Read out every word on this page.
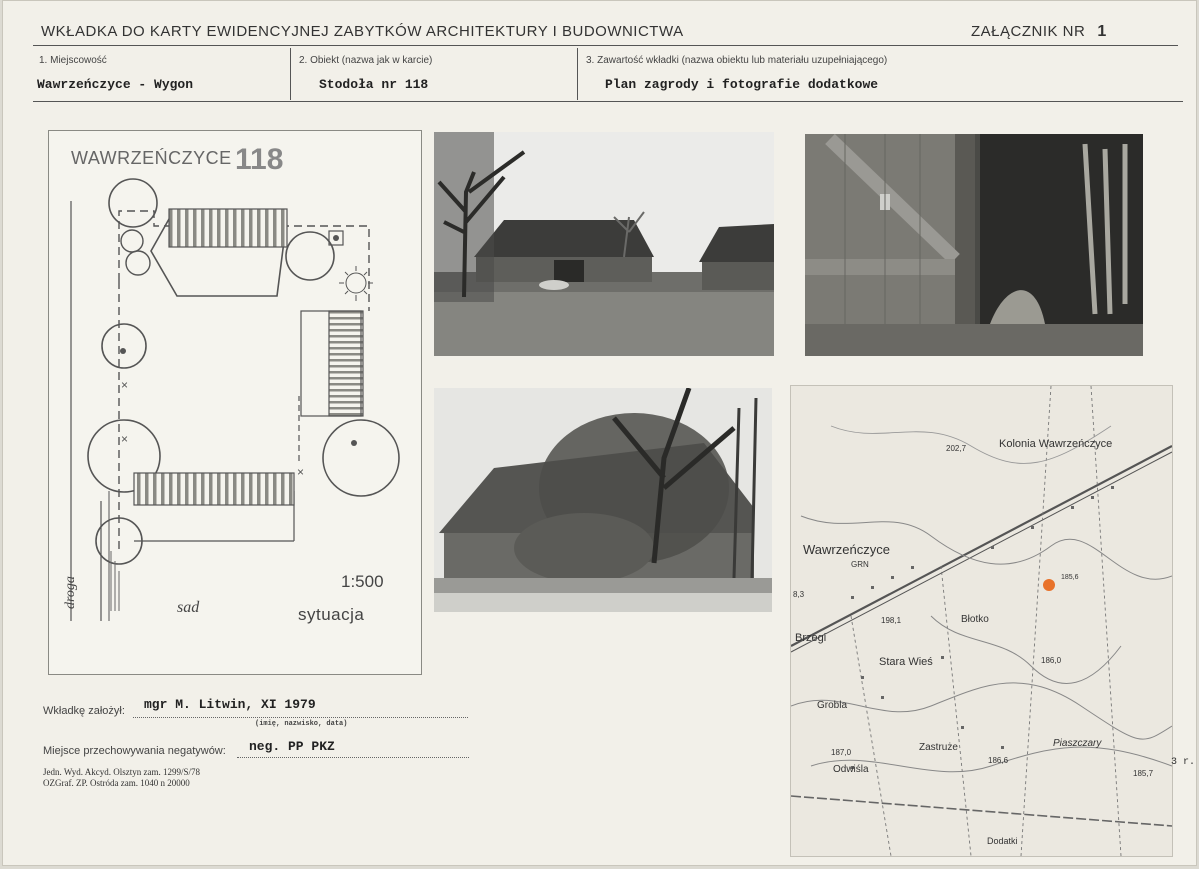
WKŁADKA DO KARTY EWIDENCYJNEJ ZABYTKÓW ARCHITEKTURY I BUDOWNICTWA	ZAŁĄCZNIK NR 1
1. Miejscowość	2. Obiekt (nazwa jak w karcie)	3. Zawartość wkładki (nazwa obiektu lub materiału uzupełniającego)
Wawrzeńczyce - Wygon	Stodoła nr 118	Plan zagrody i fotografie dodatkowe
×
×
×
WAWRZEŃCZYCE 118
1:500
sytuacja
sad
droga
Kolonia Wawrzeńczyce
Wawrzeńczyce
GRN
Brzegi
Stara Wieś
Błotko
Grobla
Zastruże
Odwiśla
Piaszczary
Dodatki
202,7
198,1
186,0
186,6
187,0
185,7
185,6
8,3
Wkładkę założył: mgr M. Litwin, XI 1979
(imię, nazwisko, data)
Miejsce przechowywania negatywów: neg. PP PKZ
Jedn. Wyd. Akcyd. Olsztyn zam. 1299/S/78
OZGraf. ZP. Ostróda zam. 1040 n 20000
3 r.
